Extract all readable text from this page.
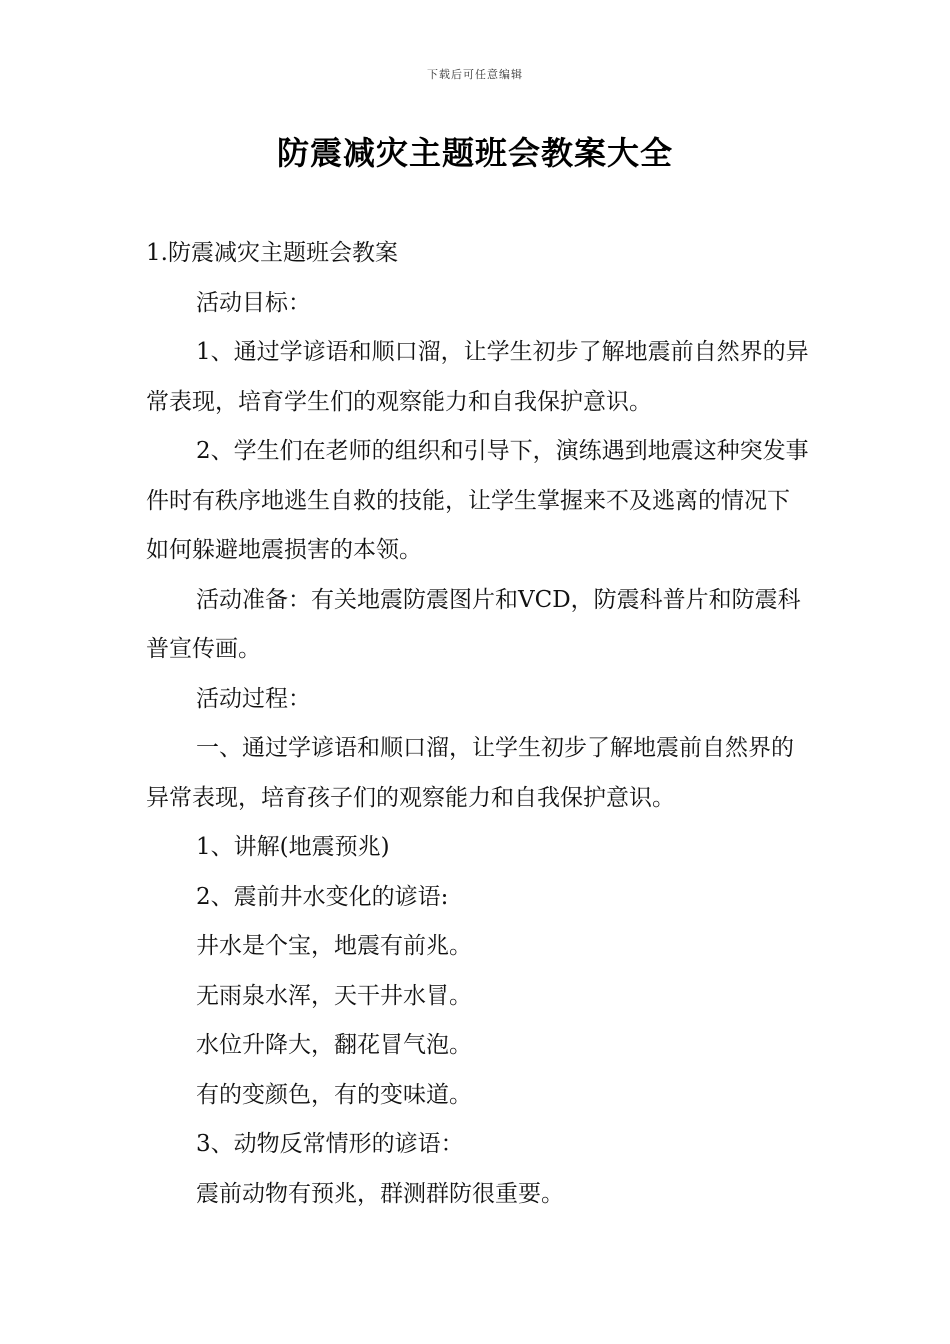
下载后可任意编辑
防震减灾主题班会教案大全

1.防震减灾主题班会教案

活动目标：

1、通过学谚语和顺口溜，让学生初步了解地震前自然界的异常表现，培育学生们的观察能力和自我保护意识。

2、学生们在老师的组织和引导下，演练遇到地震这种突发事件时有秩序地逃生自救的技能，让学生掌握来不及逃离的情况下如何躲避地震损害的本领。

活动准备：有关地震防震图片和VCD，防震科普片和防震科普宣传画。

活动过程：

一、通过学谚语和顺口溜，让学生初步了解地震前自然界的异常表现，培育孩子们的观察能力和自我保护意识。

1、讲解(地震预兆)

2、震前井水变化的谚语:

井水是个宝，地震有前兆。

无雨泉水浑，天干井水冒。

水位升降大，翻花冒气泡。

有的变颜色，有的变味道。

3、动物反常情形的谚语：

震前动物有预兆，群测群防很重要。
